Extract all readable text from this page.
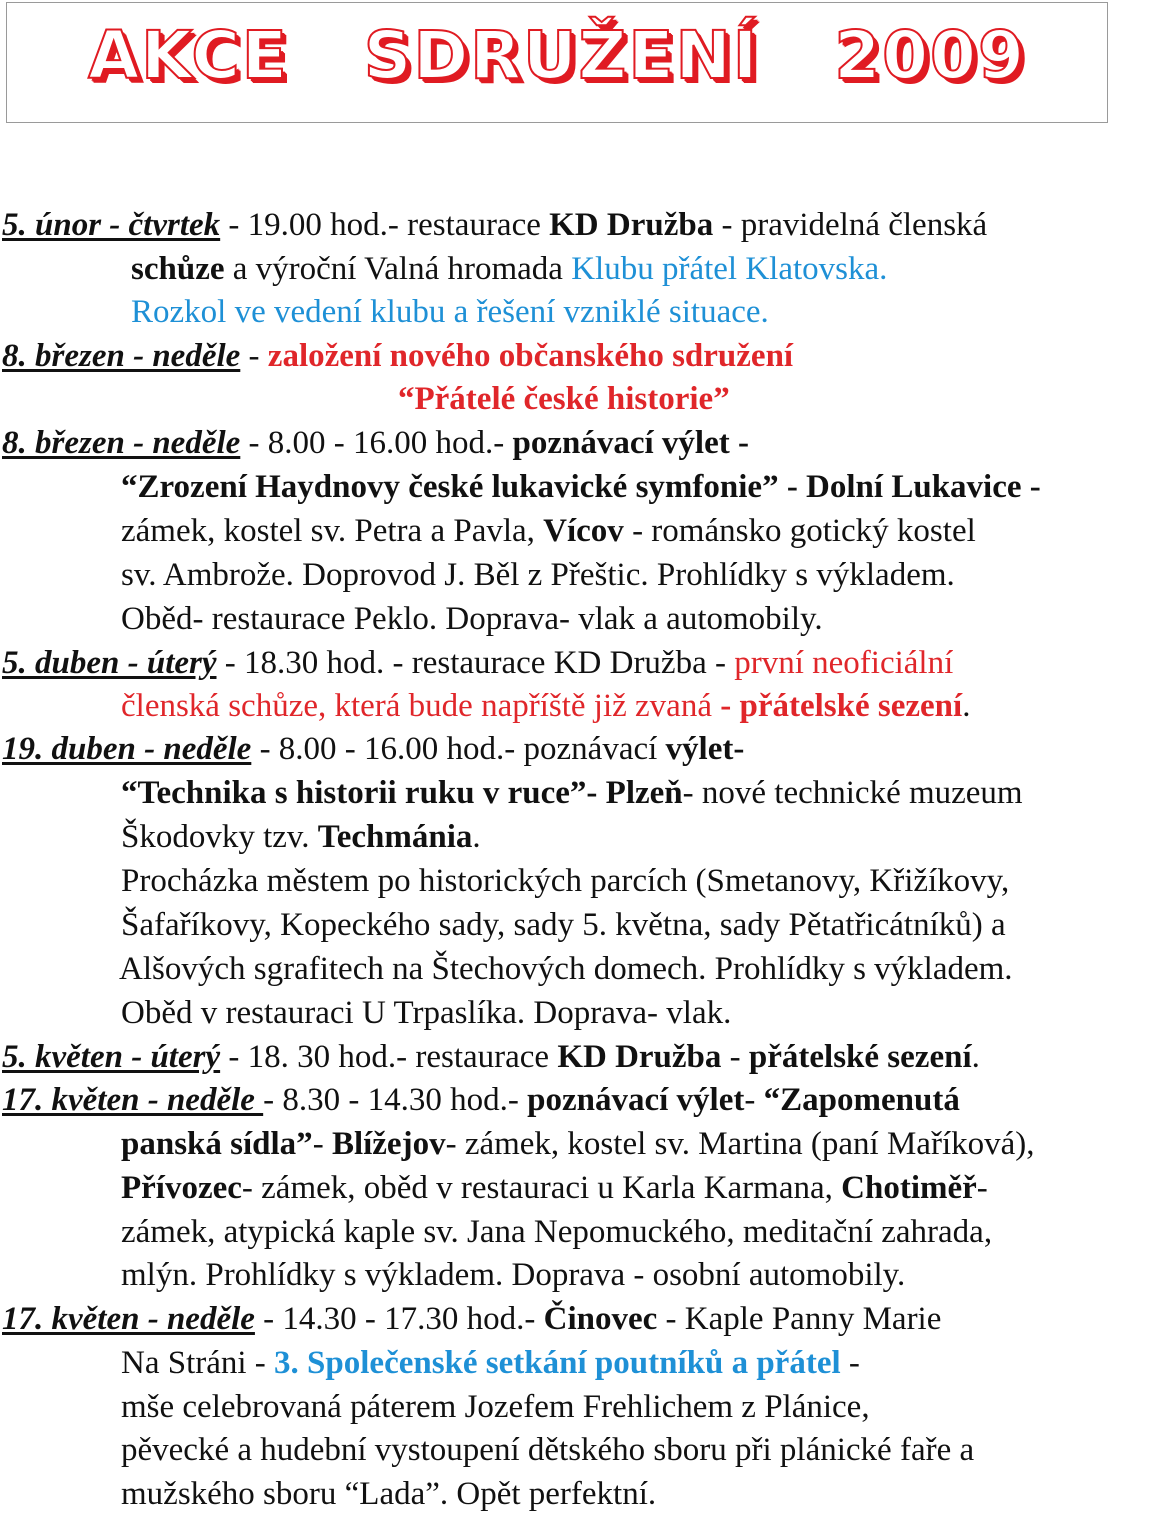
AKCE   SDRUŽENÍ   2009
5. únor - čtvrtek - 19.00 hod.- restaurace KD Družba - pravidelná členská
schůze a výroční Valná hromada Klubu přátel Klatovska.
Rozkol ve vedení klubu a řešení vzniklé situace.
8. březen - neděle - založení nového občanského sdružení
“Přátelé české historie”
8. březen - neděle - 8.00 - 16.00 hod.- poznávací výlet -
“Zrození Haydnovy české lukavické symfonie” - Dolní Lukavice -
zámek, kostel sv. Petra a Pavla, Vícov - románsko gotický kostel
sv. Ambrože. Doprovod J. Běl z Přeštic. Prohlídky s výkladem.
Oběd- restaurace Peklo. Doprava- vlak a automobily.
5. duben - úterý - 18.30 hod. - restaurace KD Družba - první neoficiální
členská schůze, která bude napříště již zvaná - přátelské sezení.
19. duben - neděle - 8.00 - 16.00 hod.- poznávací výlet-
“Technika s historii ruku v ruce”- Plzeň- nové technické muzeum
Škodovky tzv. Techmánia.
Procházka městem po historických parcích (Smetanovy, Křižíkovy,
Šafaříkovy, Kopeckého sady, sady 5. května, sady Pětatřicátníků) a
Alšových sgrafitech na Štechových domech. Prohlídky s výkladem.
Oběd v restauraci U Trpaslíka. Doprava- vlak.
5. květen - úterý - 18. 30 hod.- restaurace KD Družba - přátelské sezení.
17. květen - neděle - 8.30 - 14.30 hod.- poznávací výlet- “Zapomenutá
panská sídla”- Blížejov- zámek, kostel sv. Martina (paní Maříková),
Přívozec- zámek, oběd v restauraci u Karla Karmana, Chotiměř-
zámek, atypická kaple sv. Jana Nepomuckého, meditační zahrada,
mlýn. Prohlídky s výkladem. Doprava - osobní automobily.
17. květen - neděle - 14.30 - 17.30 hod.- Činovec - Kaple Panny Marie
Na Stráni - 3. Společenské setkání poutníků a přátel -
mše celebrovaná páterem Jozefem Frehlichem z Plánice,
pěvecké a hudební vystoupení dětského sboru při plánické faře a
mužského sboru “Lada”. Opět perfektní.
